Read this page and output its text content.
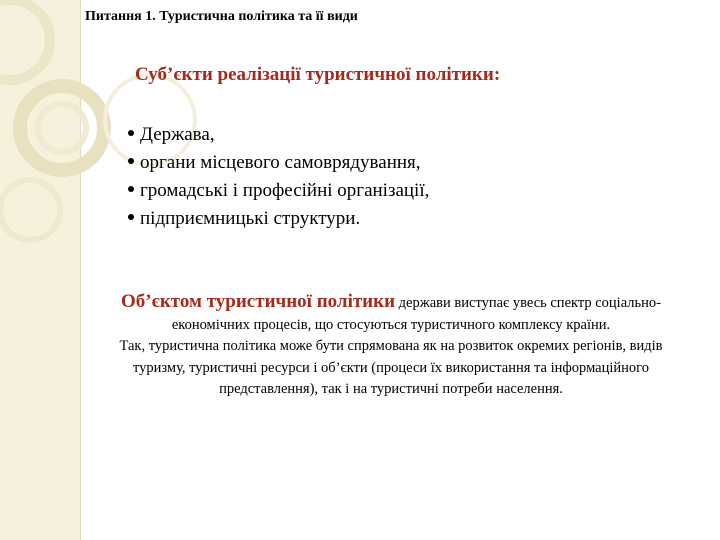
Питання 1. Туристична політика та її види
Суб’єкти реалізації туристичної політики:
Держава,
органи місцевого самоврядування,
громадські і професійні організації,
підприємницькі структури.
Об’єктом туристичної політики держави виступає увесь спектр соціально-економічних процесів, що стосуються туристичного комплексу країни.
Так, туристична політика може бути спрямована як на розвиток окремих регіонів, видів туризму, туристичні ресурси і об’єкти (процеси їх використання та інформаційного представлення), так і на туристичні потреби населення.
